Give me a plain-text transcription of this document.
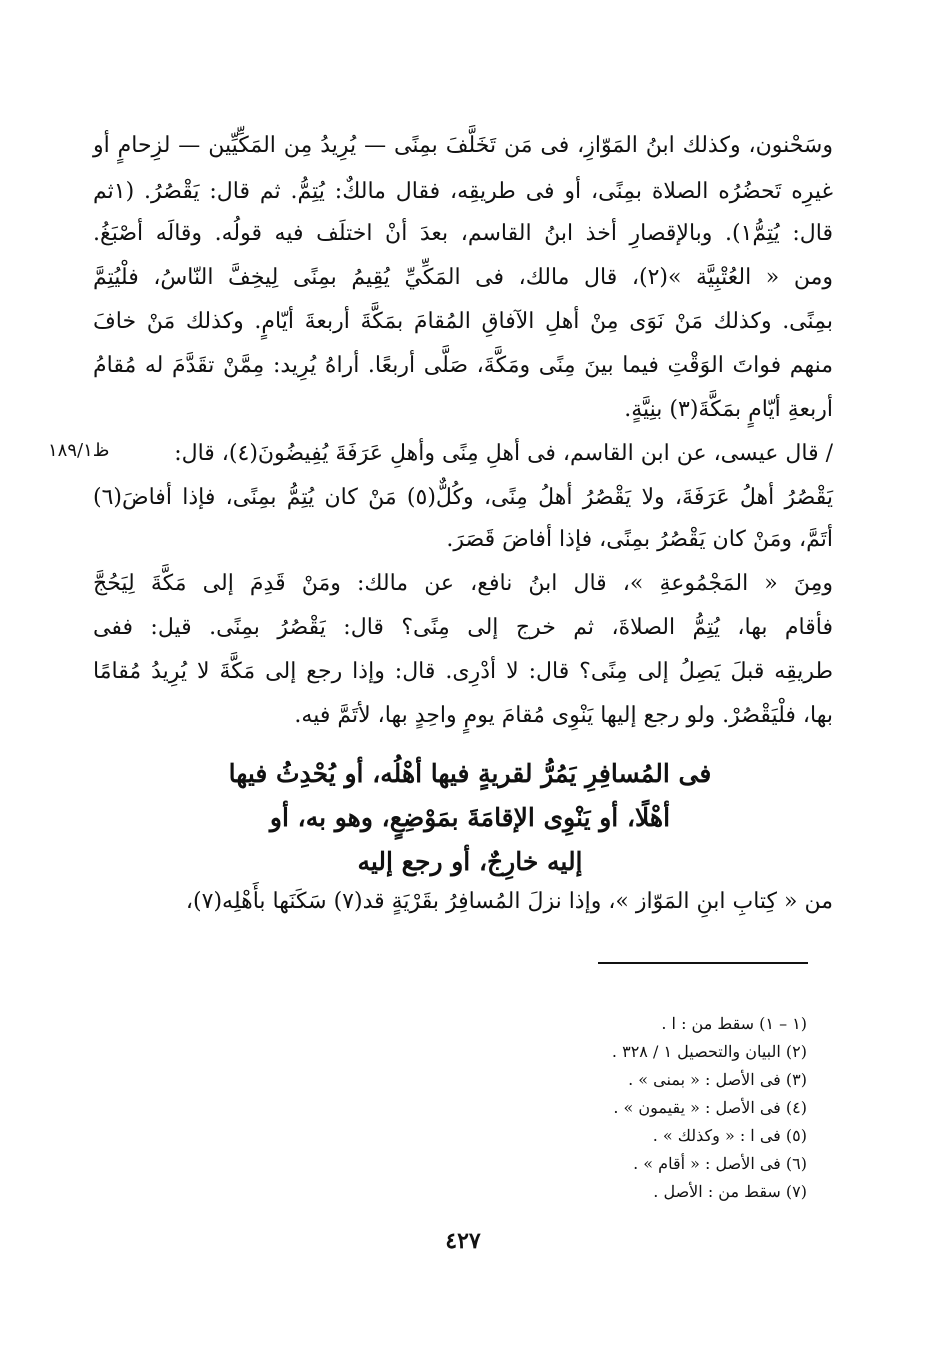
وسَحْنون، وكذلك ابنُ المَوّازِ، فى مَن تَخَلَّفَ بمِنًى — يُرِيدُ مِن المَكِّيِّين — لزِحامٍ أو
غيرِه تَحضُرُه الصلاة بمِنًى، أو فى طريقِه، فقال مالكٌ: يُتِمُّ. ثم قال: يَقْصُرُ. (١ثم
قال: يُتِمُّ١). وبالإقصارِ أخذ ابنُ القاسم، بعدَ أنْ اختلَف فيه قولُه. وقالَه أصْبَغُ.
ومن « العُتْبِيَّة »(٢)، قال مالك، فى المَكِّيِّ يُقِيمُ بمِنًى لِيخِفَّ النّاسُ، فلْيُتِمَّ
بمِنًى. وكذلك مَنْ نَوَى مِنْ أهلِ الآفاقِ المُقامَ بمَكَّةَ أربعةَ أيّامٍ. وكذلك مَنْ خافَ
منهم فواتَ الوَقْتِ فيما بينَ مِنًى ومَكَّةَ، صَلَّى أربعًا. أراهُ يُرِيد: مِمَّنْ تقَدَّمَ له مُقامُ
أربعةِ أيّامٍ بمَكَّةَ(٣) بنِيَّةٍ.
ظ١٨٩/١	/ قال عيسى، عن ابن القاسم، فى أهلِ مِنًى وأهلِ عَرَفَةَ يُفِيضُونَ(٤)، قال:
يَقْصُرُ أهلُ عَرَفَةَ، ولا يَقْصُرُ أهلُ مِنًى، وكُلٌّ(٥) مَنْ كان يُتِمُّ بمِنًى، فإذا أفاضَ(٦)
أتَمَّ، ومَنْ كان يَقْصُرُ بمِنًى، فإذا أفاضَ قَصَرَ.
ومِنَ « المَجْمُوعةِ »، قال ابنُ نافع، عن مالك: ومَنْ قَدِمَ إلى مَكَّةَ لِيَحُجَّ
فأقام بها، يُتِمُّ الصلاةَ، ثم خرج إلى مِنًى؟ قال: يَقْصُرُ بمِنًى. قيل: ففى
طريقِه قبلَ يَصِلُ إلى مِنًى؟ قال: لا أدْرِى. قال: وإذا رجع إلى مَكَّةَ لا يُرِيدُ مُقامًا
بها، فلْيَقْصُرْ. ولو رجع إليها يَنْوِى مُقامَ يومٍ واحِدٍ بها، لأتَمَّ فيه.
فى المُسافِرِ يَمُرُّ لقريةٍ فيها أهْلُه، أو يُحْدِثُ فيها
أهْلًا، أو يَنْوِى الإقامَةَ بمَوْضِعٍ، وهو به، أو
إليه خارِجٌ، أو رجع إليه
من « كِتابِ ابنِ المَوّاز »، وإذا نزلَ المُسافِرُ بقَرْيَةٍ قد(٧) سَكَنَها بأَهْلِه(٧)،
(١ – ١) سقط من : ا .
(٢) البيان والتحصيل ١ / ٣٢٨ .
(٣) فى الأصل : « بمنى » .
(٤) فى الأصل : « يقيمون » .
(٥) فى ا : « وكذلك » .
(٦) فى الأصل : « أقام » .
(٧) سقط من : الأصل .
٤٢٧
